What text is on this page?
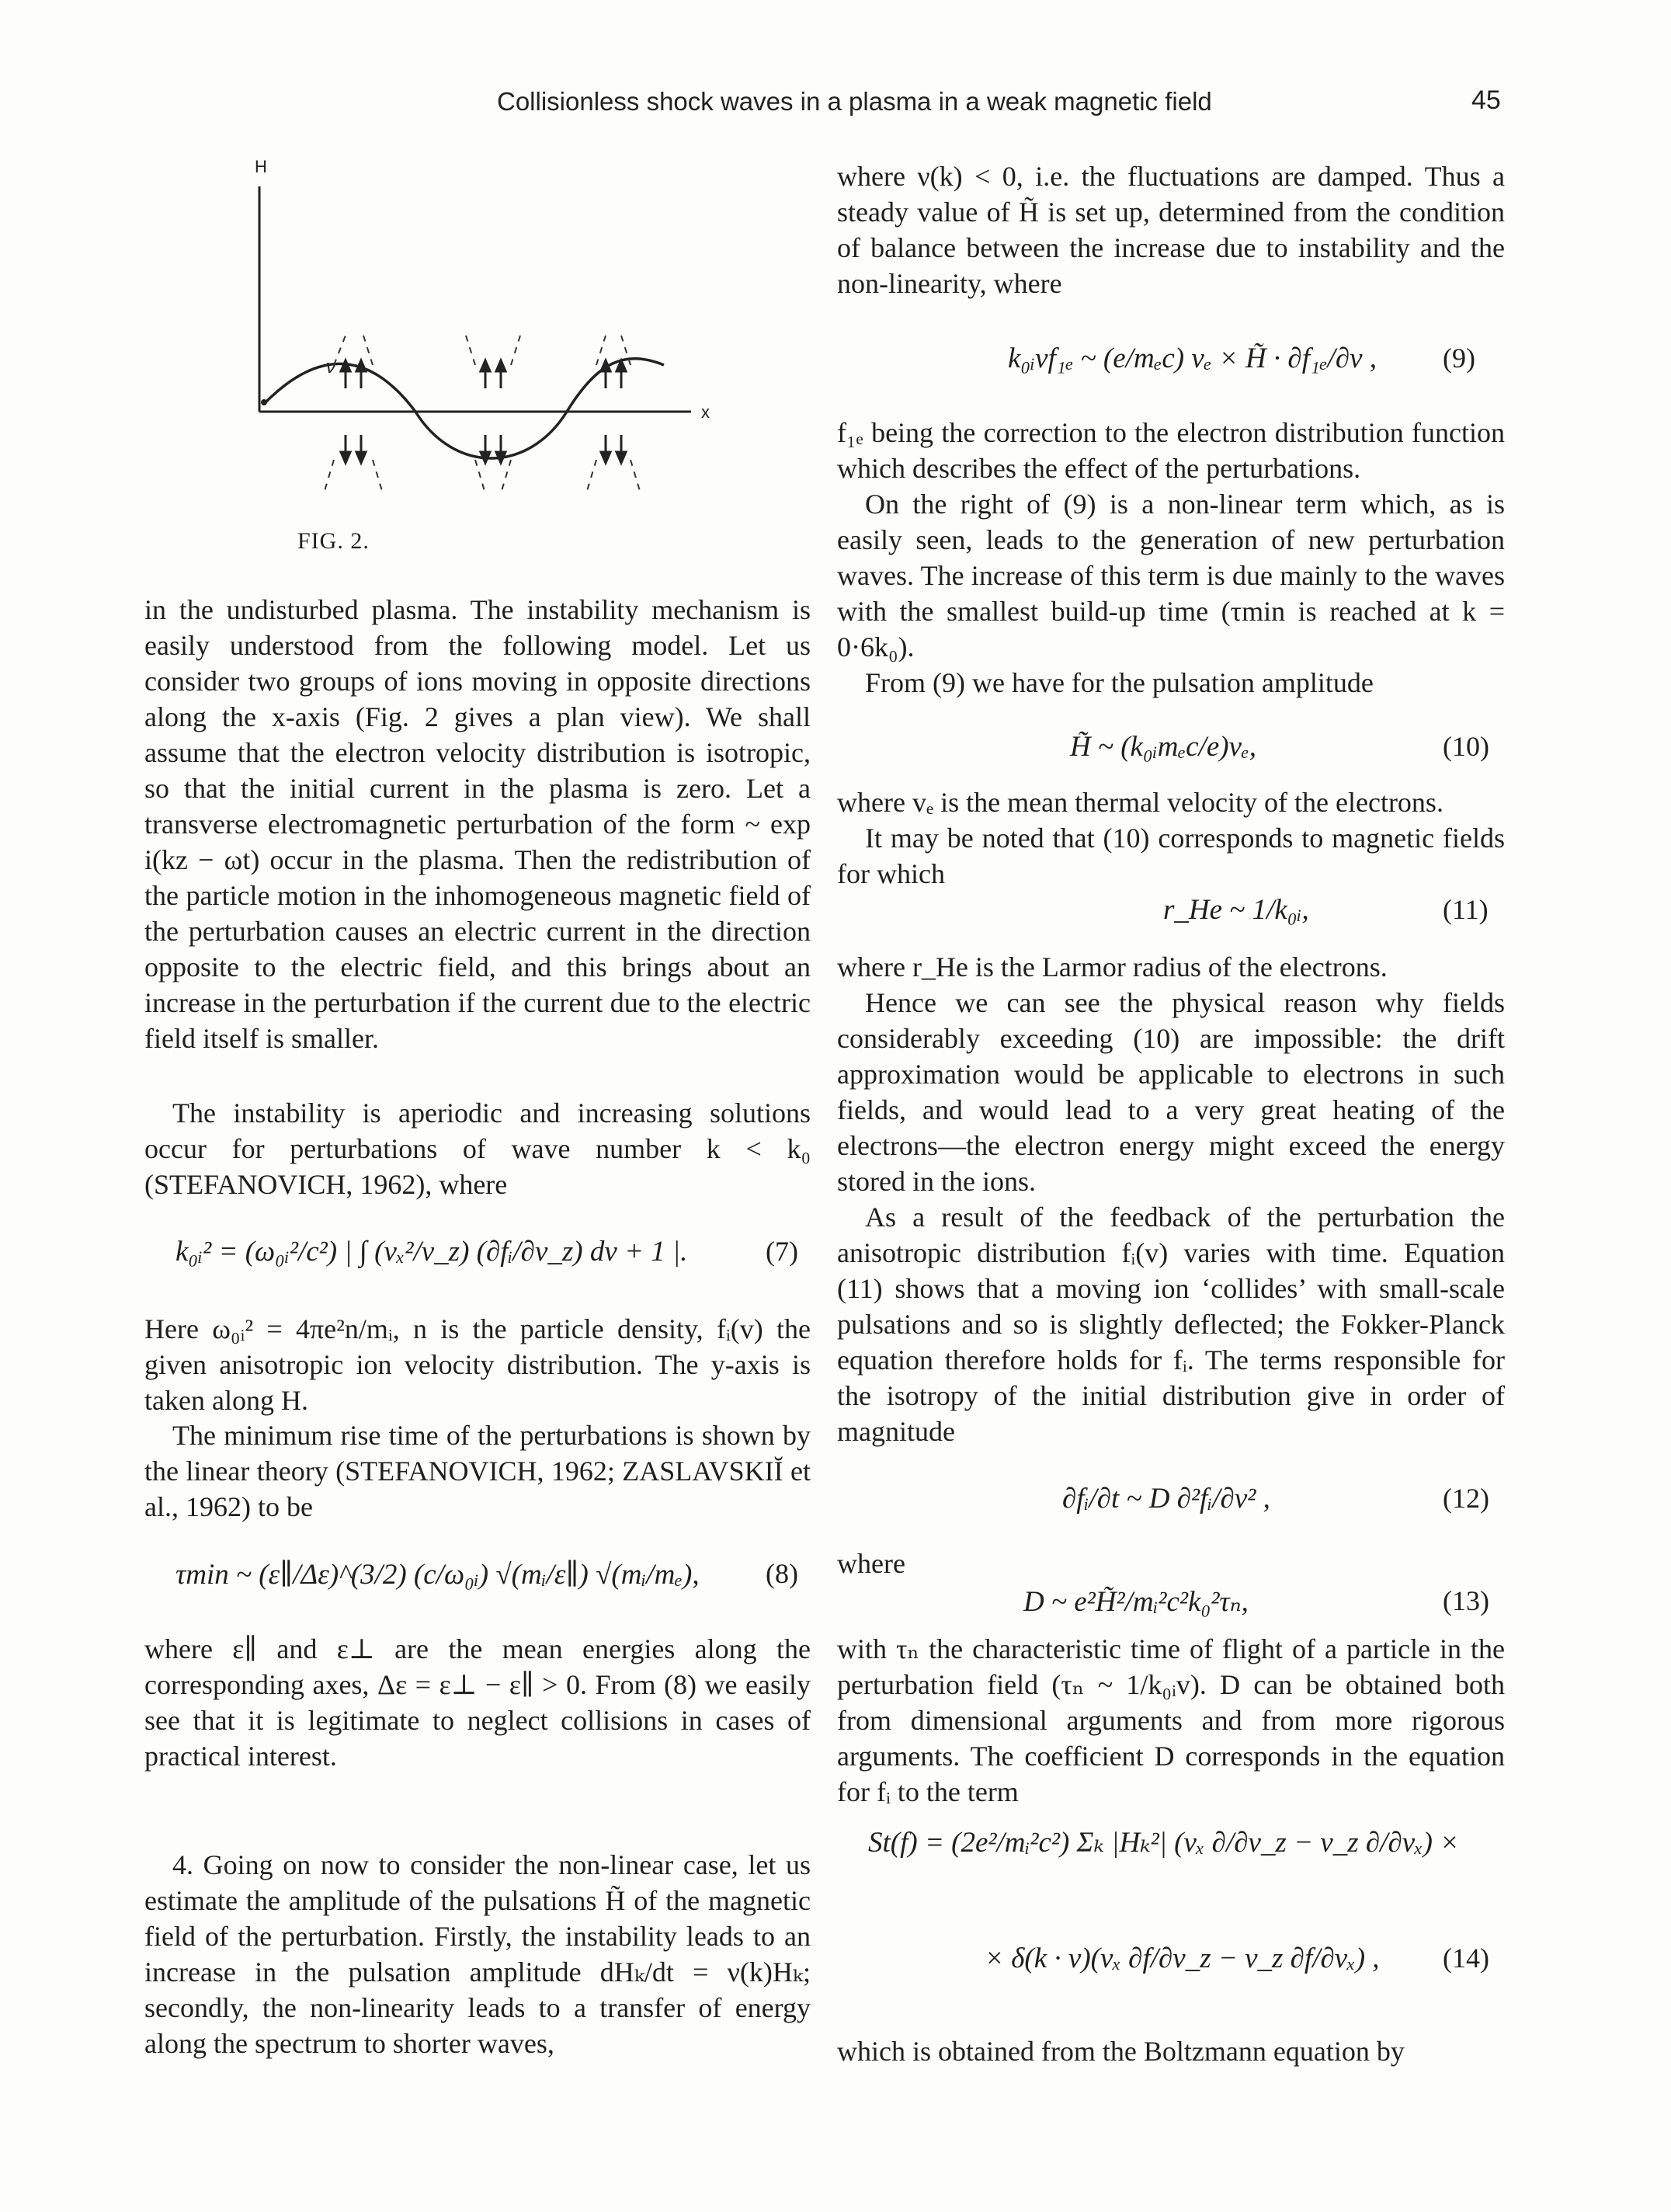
Collisionless shock waves in a plasma in a weak magnetic field	45
H
x
ν
FIG. 2.

in the undisturbed plasma. The instability mechanism is easily understood from the following model. Let us consider two groups of ions moving in opposite directions along the x-axis (Fig. 2 gives a plan view). We shall assume that the electron velocity distribution is isotropic, so that the initial current in the plasma is zero. Let a transverse electromagnetic perturbation of the form ~ exp i(kz − ωt) occur in the plasma. Then the redistribution of the particle motion in the inhomogeneous magnetic field of the perturbation causes an electric current in the direction opposite to the electric field, and this brings about an increase in the perturbation if the current due to the electric field itself is smaller.

The instability is aperiodic and increasing solutions occur for perturbations of wave number k < k₀ (STEFANOVICH, 1962), where

k₀ᵢ² = (ω₀ᵢ²/c²) | ∫ (vₓ²/v_z) (∂fᵢ/∂v_z) dv + 1 |.	(7)

Here ω₀ᵢ² = 4πe²n/mᵢ, n is the particle density, fᵢ(v) the given anisotropic ion velocity distribution. The y-axis is taken along H.

The minimum rise time of the perturbations is shown by the linear theory (STEFANOVICH, 1962; ZASLAVSKIĬ et al., 1962) to be

τmin ~ (ε∥/Δε)^(3/2) (c/ω₀ᵢ) √(mᵢ/ε∥) √(mᵢ/mₑ), (8)

where ε∥ and ε⊥ are the mean energies along the corresponding axes, Δε = ε⊥ − ε∥ > 0. From (8) we easily see that it is legitimate to neglect collisions in cases of practical interest.

4. Going on now to consider the non-linear case, let us estimate the amplitude of the pulsations H̃ of the magnetic field of the perturbation. Firstly, the instability leads to an increase in the pulsation amplitude dHₖ/dt = ν(k)Hₖ; secondly, the non-linearity leads to a transfer of energy along the spectrum to shorter waves,

where ν(k) < 0, i.e. the fluctuations are damped. Thus a steady value of H̃ is set up, determined from the condition of balance between the increase due to instability and the non-linearity, where

k₀ᵢvf₁ₑ ~ (e/mₑc) vₑ × H̃ · ∂f₁ₑ/∂v , (9)

f₁ₑ being the correction to the electron distribution function which describes the effect of the perturbations.

On the right of (9) is a non-linear term which, as is easily seen, leads to the generation of new perturbation waves. The increase of this term is due mainly to the waves with the smallest build-up time (τmin is reached at k = 0·6k₀).

From (9) we have for the pulsation amplitude

H̃ ~ (k₀ᵢmₑc/e)vₑ,	(10)

where vₑ is the mean thermal velocity of the electrons.

It may be noted that (10) corresponds to magnetic fields for which

r_He ~ 1/k₀ᵢ,	(11)

where r_He is the Larmor radius of the electrons.

Hence we can see the physical reason why fields considerably exceeding (10) are impossible: the drift approximation would be applicable to electrons in such fields, and would lead to a very great heating of the electrons—the electron energy might exceed the energy stored in the ions.

As a result of the feedback of the perturbation the anisotropic distribution fᵢ(v) varies with time. Equation (11) shows that a moving ion ‘collides’ with small-scale pulsations and so is slightly deflected; the Fokker-Planck equation therefore holds for fᵢ. The terms responsible for the isotropy of the initial distribution give in order of magnitude

∂fᵢ/∂t ~ D ∂²fᵢ/∂v² ,	(12)
where
D ~ e²H̃²/mᵢ²c²k₀²τₙ,	(13)

with τₙ the characteristic time of flight of a particle in the perturbation field (τₙ ~ 1/k₀ᵢv). D can be obtained both from dimensional arguments and from more rigorous arguments. The coefficient D corresponds in the equation for fᵢ to the term

St(f) = (2e²/mᵢ²c²) Σₖ |Hₖ²| (vₓ ∂/∂v_z − v_z ∂/∂vₓ) ×
× δ(k · v)(vₓ ∂f/∂v_z − v_z ∂f/∂vₓ) , (14)

which is obtained from the Boltzmann equation by
